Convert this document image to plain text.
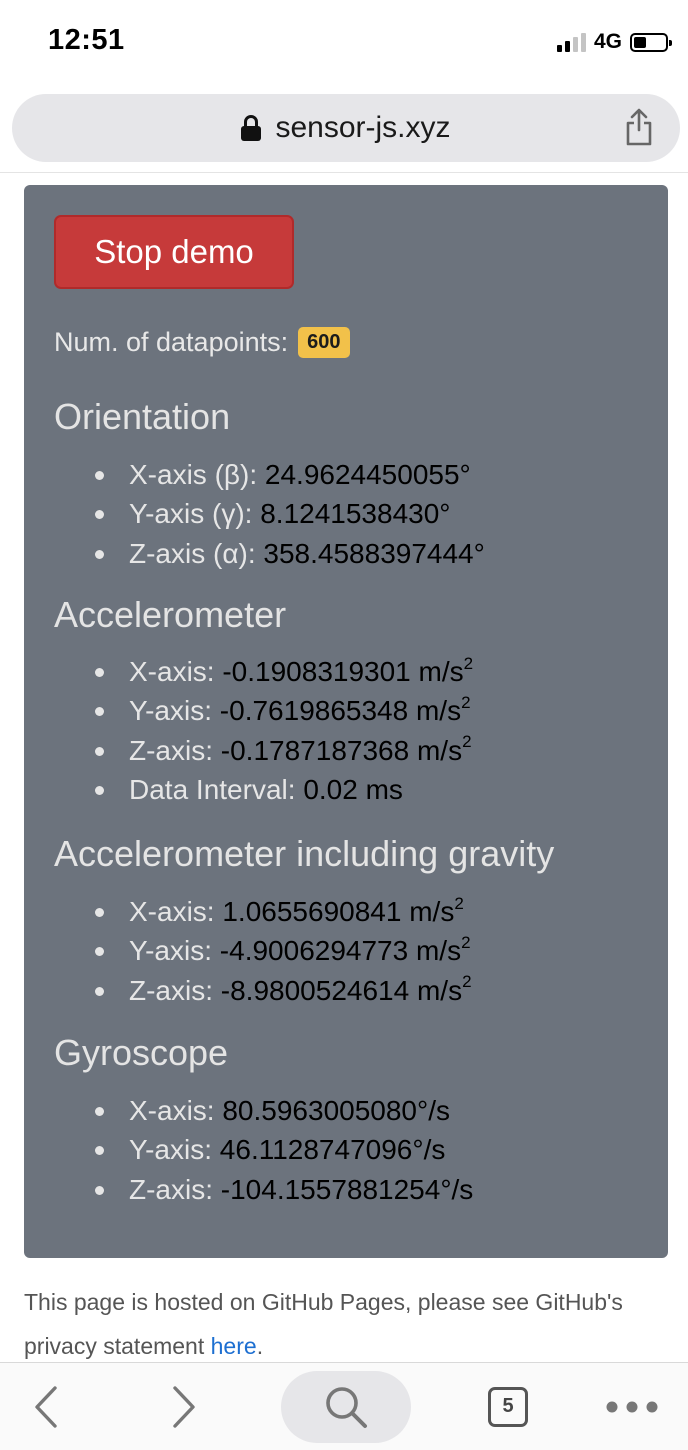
12:51	4G
sensor-js.xyz
Stop demo
Num. of datapoints: 600
Orientation
X-axis (β): 24.9624450055°
Y-axis (γ): 8.1241538430°
Z-axis (α): 358.4588397444°
Accelerometer
X-axis: -0.1908319301 $m/s^2$
Y-axis: -0.7619865348 $m/s^2$
Z-axis: -0.1787187368 $m/s^2$
Data Interval: 0.02 ms
Accelerometer including gravity
X-axis: 1.0655690841 $m/s^2$
Y-axis: -4.9006294773 $m/s^2$
Z-axis: -8.9800524614 $m/s^2$
Gyroscope
X-axis: 80.5963005080°/s
Y-axis: 46.1128747096°/s
Z-axis: -104.1557881254°/s
This page is hosted on GitHub Pages, please see GitHub's privacy statement here.
5
